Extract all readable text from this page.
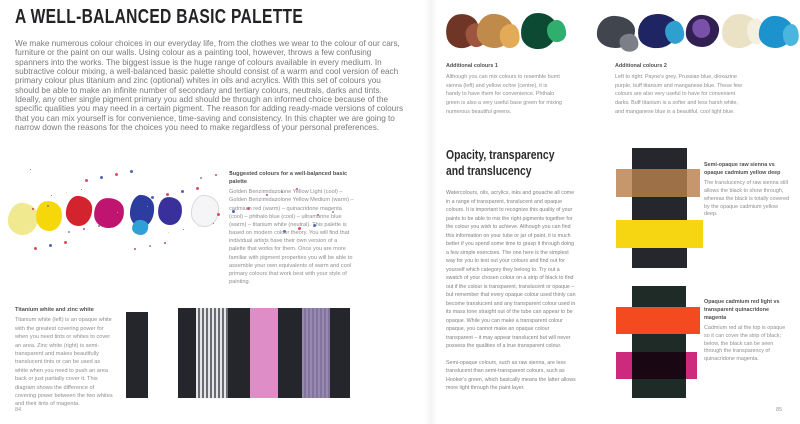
A WELL-BALANCED BASIC PALETTE
We make numerous colour choices in our everyday life, from the clothes we wear to the colour of our cars, furniture or the paint on our walls. Using colour as a painting tool, however, throws a few confusing spanners into the works. The biggest issue is the huge range of colours available in every medium. In subtractive colour mixing, a well-balanced basic palette should consist of a warm and cool version of each primary colour plus titanium and zinc (optional) whites in oils and acrylics. With this set of colours you should be able to make an infinite number of secondary and tertiary colours, neutrals, darks and tints. Ideally, any other single pigment primary you add should be through an informed choice because of the specific qualities you may need in a certain pigment. The reason for adding ready-made versions of colours that you can mix yourself is for convenience, time-saving and consistency. In this chapter we are going to narrow down the reasons for the choices you need to make regardless of your personal preferences.

Suggested colours for a well-balanced basic palette

Golden Benzimidazolone Yellow Light (cool) – Golden Benzimidazolone Yellow Medium (warm) – cadmium red (warm) – quinacridone magenta (cool) – phthalo blue (cool) – ultramarine blue (warm) – titanium white (neutral). This palette is based on modern colour theory. You will find that individual artists have their own version of a palette that works for them. Once you are more familiar with pigment properties you will be able to assemble your own equivalents of warm and cool primary colours that work best with your style of painting.

Titanium white and zinc white

Titanium white (left) is an opaque white with the greatest covering power for when you need tints or whites to cover an area. Zinc white (right) is semi-transparent and makes beautifully translucent tints or can be used as white when you need to push an area back or just partially cover it. This diagram shows the difference of covering power between the two whites and their tints of magenta.
84

Additional colours 1

Although you can mix colours to resemble burnt sienna (left) and yellow ochre (centre), it is handy to have them for convenience. Phthalo green is also a very useful base green for mixing numerous beautiful greens.

Additional colours 2

Left to right: Payne's grey, Prussian blue, dioxazine purple, buff titanium and manganese blue. These few colours are also very useful to have for convenient darks. Buff titanium is a softer and less harsh white, and manganese blue is a beautiful, cool light blue.
Opacity, transparency
and translucency

Watercolours, oils, acrylics, inks and gouache all come in a range of transparent, translucent and opaque colours. It is important to recognize this quality of your paints to be able to mix the right pigments together for the colour you wish to achieve. Although you can find this information on your tube or jar of paint, it is much better if you spend some time to grasp it through doing a few simple exercises. The one here is the simplest way for you to test out your colours and find out for yourself which category they belong to. Try out a swatch of your chosen colour on a strip of black to find out if the colour is transparent, translucent or opaque – but remember that every opaque colour used thinly can become translucent and any transparent colour used in its mass tone straight out of the tube can appear to be opaque. While you can make a transparent colour opaque, you cannot make an opaque colour transparent – it may appear translucent but will never possess the qualities of a true transparent colour.

Semi-opaque colours, such as raw sienna, are less translucent than semi-transparent colours, such as Hooker's green, which basically means the latter allows more light through the paint layer.

Semi-opaque raw sienna vs opaque cadmium yellow deep

The translucency of raw sienna still allows the black to show through, whereas the black is totally covered by the opaque cadmium yellow deep.

Opaque cadmium red light vs transparent quinacridone magenta

Cadmium red at the top is opaque so it can cover the strip of black; below, the black can be seen through the transparency of quinacridone magenta.
85
